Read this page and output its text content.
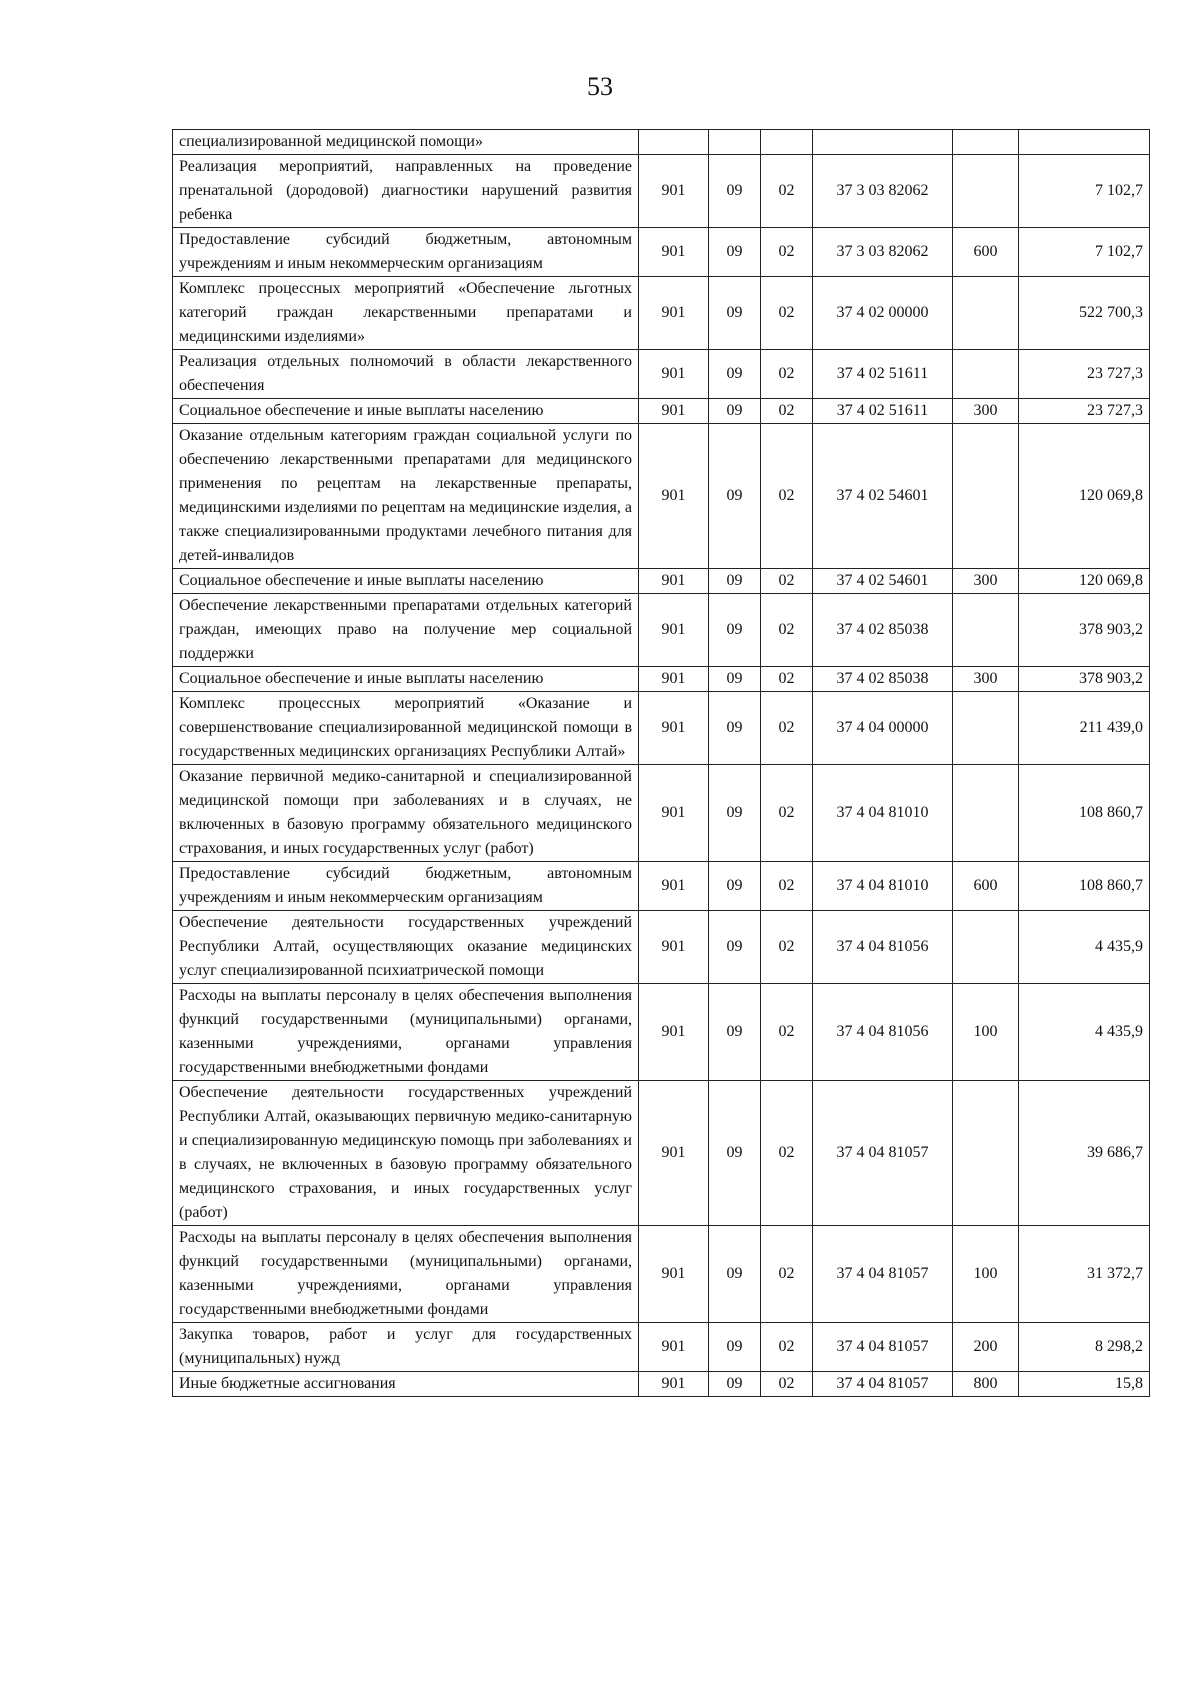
53
специализированной медицинской помощи»						
Реализация мероприятий, направленных на проведение пренатальной (дородовой) диагностики нарушений развития ребенка	901	09	02	37 3 03 82062		7 102,7
Предоставление субсидий бюджетным, автономным учреждениям и иным некоммерческим организациям	901	09	02	37 3 03 82062	600	7 102,7
Комплекс процессных мероприятий «Обеспечение льготных категорий граждан лекарственными препаратами и медицинскими изделиями»	901	09	02	37 4 02 00000		522 700,3
Реализация отдельных полномочий в области лекарственного обеспечения	901	09	02	37 4 02 51611		23 727,3
Социальное обеспечение и иные выплаты населению	901	09	02	37 4 02 51611	300	23 727,3
Оказание отдельным категориям граждан социальной услуги по обеспечению лекарственными препаратами для медицинского применения по рецептам на лекарственные препараты, медицинскими изделиями по рецептам на медицинские изделия, а также специализированными продуктами лечебного питания для детей-инвалидов	901	09	02	37 4 02 54601		120 069,8
Социальное обеспечение и иные выплаты населению	901	09	02	37 4 02 54601	300	120 069,8
Обеспечение лекарственными препаратами отдельных категорий граждан, имеющих право на получение мер социальной поддержки	901	09	02	37 4 02 85038		378 903,2
Социальное обеспечение и иные выплаты населению	901	09	02	37 4 02 85038	300	378 903,2
Комплекс процессных мероприятий «Оказание и совершенствование специализированной медицинской помощи в государственных медицинских организациях Республики Алтай»	901	09	02	37 4 04 00000		211 439,0
Оказание первичной медико-санитарной и специализированной медицинской помощи при заболеваниях и в случаях, не включенных в базовую программу обязательного медицинского страхования, и иных государственных услуг (работ)	901	09	02	37 4 04 81010		108 860,7
Предоставление субсидий бюджетным, автономным учреждениям и иным некоммерческим организациям	901	09	02	37 4 04 81010	600	108 860,7
Обеспечение деятельности государственных учреждений Республики Алтай, осуществляющих оказание медицинских услуг специализированной психиатрической помощи	901	09	02	37 4 04 81056		4 435,9
Расходы на выплаты персоналу в целях обеспечения выполнения функций государственными (муниципальными) органами, казенными учреждениями, органами управления государственными внебюджетными фондами	901	09	02	37 4 04 81056	100	4 435,9
Обеспечение деятельности государственных учреждений Республики Алтай, оказывающих первичную медико-санитарную и специализированную медицинскую помощь при заболеваниях и в случаях, не включенных в базовую программу обязательного медицинского страхования, и иных государственных услуг (работ)	901	09	02	37 4 04 81057		39 686,7
Расходы на выплаты персоналу в целях обеспечения выполнения функций государственными (муниципальными) органами, казенными учреждениями, органами управления государственными внебюджетными фондами	901	09	02	37 4 04 81057	100	31 372,7
Закупка товаров, работ и услуг для государственных (муниципальных) нужд	901	09	02	37 4 04 81057	200	8 298,2
Иные бюджетные ассигнования	901	09	02	37 4 04 81057	800	15,8
